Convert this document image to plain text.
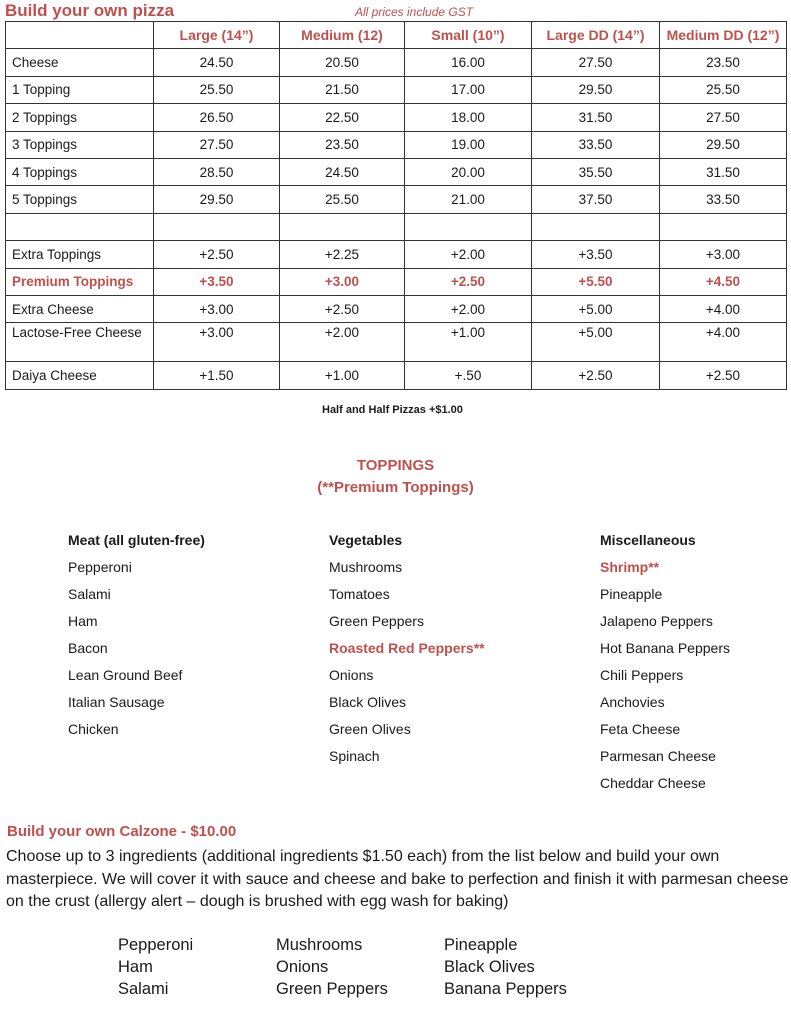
Build your own pizza	All prices include GST
	Large (14”)	Medium (12)	Small (10”)	Large DD (14”)	Medium DD (12”)
Cheese	24.50	20.50	16.00	27.50	23.50
1 Topping	25.50	21.50	17.00	29.50	25.50
2 Toppings	26.50	22.50	18.00	31.50	27.50
3 Toppings	27.50	23.50	19.00	33.50	29.50
4 Toppings	28.50	24.50	20.00	35.50	31.50
5 Toppings	29.50	25.50	21.00	37.50	33.50

Extra Toppings	+2.50	+2.25	+2.00	+3.50	+3.00
Premium Toppings	+3.50	+3.00	+2.50	+5.50	+4.50
Extra Cheese	+3.00	+2.50	+2.00	+5.00	+4.00
Lactose-Free Cheese	+3.00	+2.00	+1.00	+5.00	+4.00
Daiya Cheese	+1.50	+1.00	+.50	+2.50	+2.50
Half and Half Pizzas +$1.00
TOPPINGS
(**Premium Toppings)
Meat (all gluten-free)
Pepperoni
Salami
Ham
Bacon
Lean Ground Beef
Italian Sausage
Chicken
Vegetables
Mushrooms
Tomatoes
Green Peppers
Roasted Red Peppers**
Onions
Black Olives
Green Olives
Spinach
Miscellaneous
Shrimp**
Pineapple
Jalapeno Peppers
Hot Banana Peppers
Chili Peppers
Anchovies
Feta Cheese
Parmesan Cheese
Cheddar Cheese
Build your own Calzone - $10.00
Choose up to 3 ingredients (additional ingredients $1.50 each) from the list below and build your own masterpiece. We will cover it with sauce and cheese and bake to perfection and finish it with parmesan cheese on the crust (allergy alert – dough is brushed with egg wash for baking)
Pepperoni
Ham
Salami
Mushrooms
Onions
Green Peppers
Pineapple
Black Olives
Banana Peppers
